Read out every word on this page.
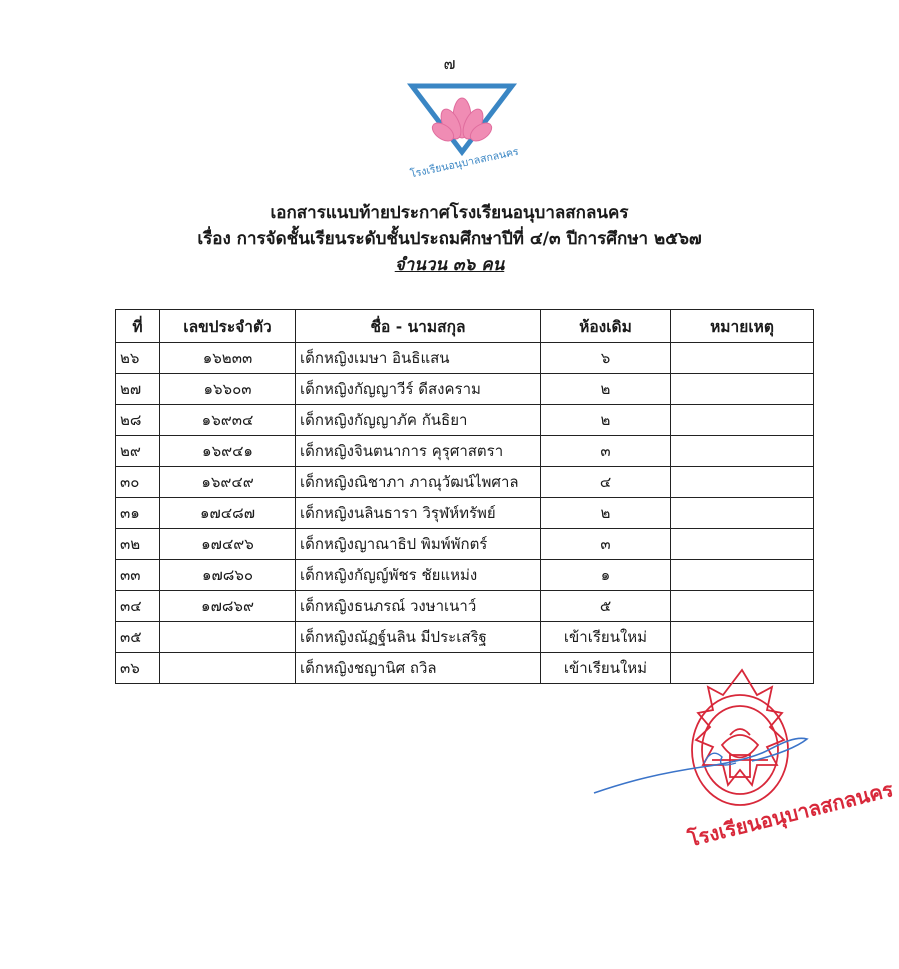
๗
โรงเรียนอนุบาลสกลนคร
เอกสารแนบท้ายประกาศโรงเรียนอนุบาลสกลนคร
เรื่อง การจัดชั้นเรียนระดับชั้นประถมศึกษาปีที่ ๔/๓ ปีการศึกษา ๒๕๖๗
จำนวน ๓๖ คน
ที่	เลขประจำตัว	ชื่อ - นามสกุล	ห้องเดิม	หมายเหตุ
๒๖	๑๖๒๓๓	เด็กหญิงเมษา อินธิแสน	๖	
๒๗	๑๖๖๐๓	เด็กหญิงกัญญาวีร์ ดีสงคราม	๒	
๒๘	๑๖๙๓๔	เด็กหญิงกัญญาภัค กันธิยา	๒	
๒๙	๑๖๙๔๑	เด็กหญิงจินตนาการ คุรุศาสตรา	๓	
๓๐	๑๖๙๔๙	เด็กหญิงณิชาภา ภาณุวัฒน์ไพศาล	๔	
๓๑	๑๗๔๘๗	เด็กหญิงนลินธารา วิรุฬห์ทรัพย์	๒	
๓๒	๑๗๔๙๖	เด็กหญิงญาณาธิป พิมพ์พักตร์	๓	
๓๓	๑๗๘๖๐	เด็กหญิงกัญญ์พัชร ชัยแหม่ง	๑	
๓๔	๑๗๘๖๙	เด็กหญิงธนภรณ์ วงษาเนาว์	๕	
๓๕		เด็กหญิงณัฏฐ์นลิน มีประเสริฐ	เข้าเรียนใหม่	
๓๖		เด็กหญิงชญานิศ ถวิล	เข้าเรียนใหม่	
โรงเรียนอนุบาลสกลนคร
